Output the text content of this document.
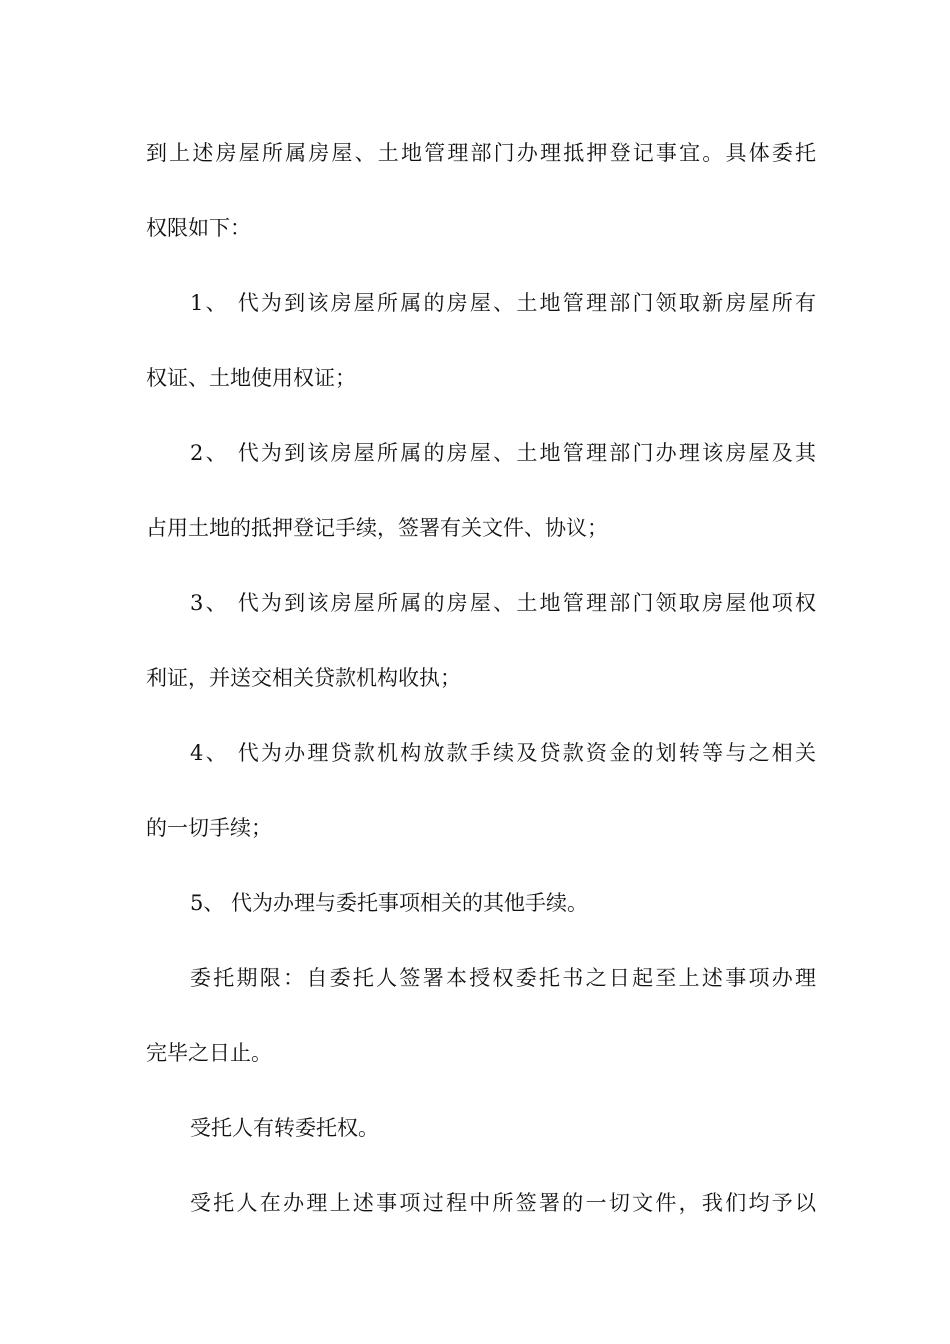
到上述房屋所属房屋、土地管理部门办理抵押登记事宜。具体委托
权限如下：
1、 代为到该房屋所属的房屋、土地管理部门领取新房屋所有
权证、土地使用权证；
2、 代为到该房屋所属的房屋、土地管理部门办理该房屋及其
占用土地的抵押登记手续，签署有关文件、协议；
3、 代为到该房屋所属的房屋、土地管理部门领取房屋他项权
利证，并送交相关贷款机构收执；
4、 代为办理贷款机构放款手续及贷款资金的划转等与之相关
的一切手续；
5、 代为办理与委托事项相关的其他手续。
委托期限：自委托人签署本授权委托书之日起至上述事项办理
完毕之日止。
受托人有转委托权。
受托人在办理上述事项过程中所签署的一切文件，我们均予以
